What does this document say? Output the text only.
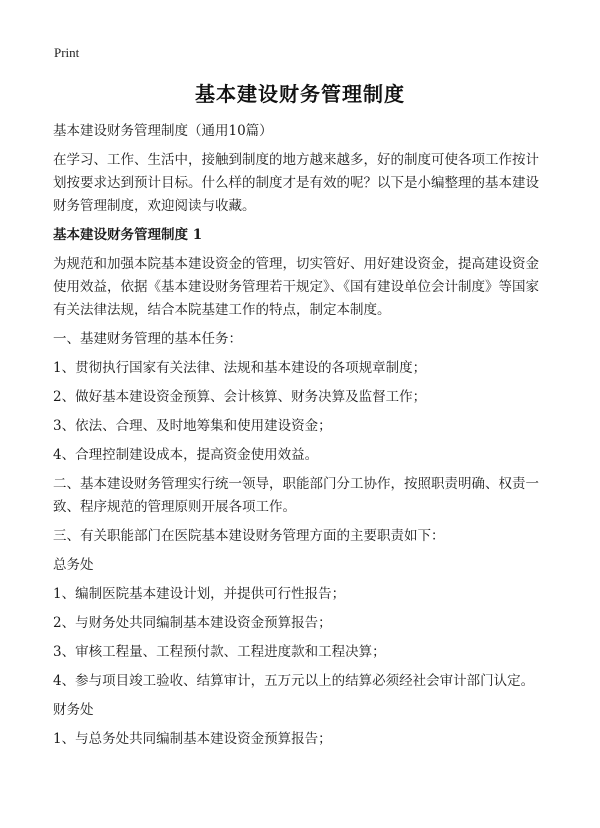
Print
基本建设财务管理制度

基本建设财务管理制度（通用10篇）

在学习、工作、生活中，接触到制度的地方越来越多，好的制度可使各项工作按计划按要求达到预计目标。什么样的制度才是有效的呢？以下是小编整理的基本建设财务管理制度，欢迎阅读与收藏。

基本建设财务管理制度 1

为规范和加强本院基本建设资金的管理，切实管好、用好建设资金，提高建设资金使用效益，依据《基本建设财务管理若干规定》、《国有建设单位会计制度》等国家有关法律法规，结合本院基建工作的特点，制定本制度。

一、基建财务管理的基本任务：

1、贯彻执行国家有关法律、法规和基本建设的各项规章制度；

2、做好基本建设资金预算、会计核算、财务决算及监督工作；

3、依法、合理、及时地筹集和使用建设资金；

4、合理控制建设成本，提高资金使用效益。

二、基本建设财务管理实行统一领导，职能部门分工协作，按照职责明确、权责一致、程序规范的管理原则开展各项工作。

三、有关职能部门在医院基本建设财务管理方面的主要职责如下：

总务处

1、编制医院基本建设计划，并提供可行性报告；

2、与财务处共同编制基本建设资金预算报告；

3、审核工程量、工程预付款、工程进度款和工程决算；

4、参与项目竣工验收、结算审计，五万元以上的结算必须经社会审计部门认定。

财务处

1、与总务处共同编制基本建设资金预算报告；
